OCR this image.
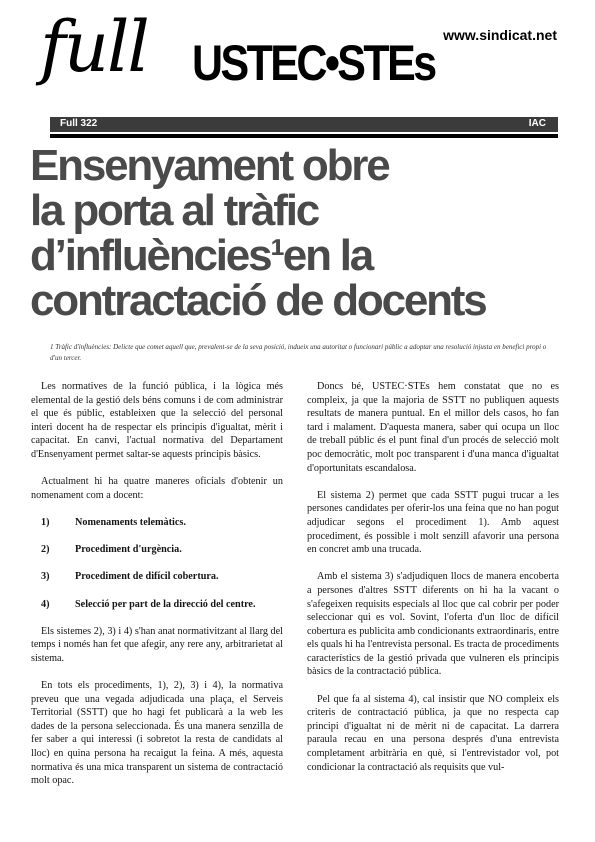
full USTEC•STEs www.sindicat.net
Full 322	IAC
Ensenyament obre
la porta al tràfic
d’influències¹en la
contractació de docents
1 Tràfic d'influències: Delicte que comet aquell que, prevalent-se de la seva posició, indueix una autoritat o funcionari públic a adoptar una resolució injusta en benefici propi o d'un tercer.

Les normatives de la funció pública, i la lògica més elemental de la gestió dels béns comuns i de com administrar el que és públic, estableixen que la selecció del personal interi docent ha de respectar els principis d'igualtat, mèrit i capacitat. En canvi, l'actual normativa del Departament d'Ensenyament permet saltar-se aquests principis bàsics.

Actualment hi ha quatre maneres oficials d'obtenir un nomenament com a docent:

1)	Nomenaments telemàtics.
2)	Procediment d'urgència.
3)	Procediment de difícil cobertura.
4)	Selecció per part de la direcció del centre.

Els sistemes 2), 3) i 4) s'han anat normativitzant al llarg del temps i només han fet que afegir, any rere any, arbitrarietat al sistema.

En tots els procediments, 1), 2), 3) i 4), la normativa preveu que una vegada adjudicada una plaça, el Serveis Territorial (SSTT) que ho hagi fet publicarà a la web les dades de la persona seleccionada. És una manera senzilla de fer saber a qui interessi (i sobretot la resta de candidats al lloc) en quina persona ha recaigut la feina. A més, aquesta normativa és una mica transparent un sistema de contractació molt opac.

Doncs bé, USTEC·STEs hem constatat que no es compleix, ja que la majoria de SSTT no publiquen aquests resultats de manera puntual. En el millor dels casos, ho fan tard i malament. D'aquesta manera, saber qui ocupa un lloc de treball públic és el punt final d'un procés de selecció molt poc democràtic, molt poc transparent i d'una manca d'igualtat d'oportunitats escandalosa.

El sistema 2) permet que cada SSTT pugui trucar a les persones candidates per oferir-los una feina que no han pogut adjudicar segons el procediment 1). Amb aquest procediment, és possible i molt senzill afavorir una persona en concret amb una trucada.

Amb el sistema 3) s'adjudiquen llocs de manera encoberta a persones d'altres SSTT diferents on hi ha la vacant o s'afegeixen requisits especials al lloc que cal cobrir per poder seleccionar qui es vol. Sovint, l'oferta d'un lloc de difícil cobertura es publicita amb condicionants extraordinaris, entre els quals hi ha l'entrevista personal. Es tracta de procediments característics de la gestió privada que vulneren els principis bàsics de la contractació pública.

Pel que fa al sistema 4), cal insistir que NO compleix els criteris de contractació pública, ja que no respecta cap principi d'igualtat ni de mèrit ni de capacitat. La darrera paraula recau en una persona després d'una entrevista completament arbitrària en què, si l'entrevistador vol, pot condicionar la contractació als requisits que vul-
